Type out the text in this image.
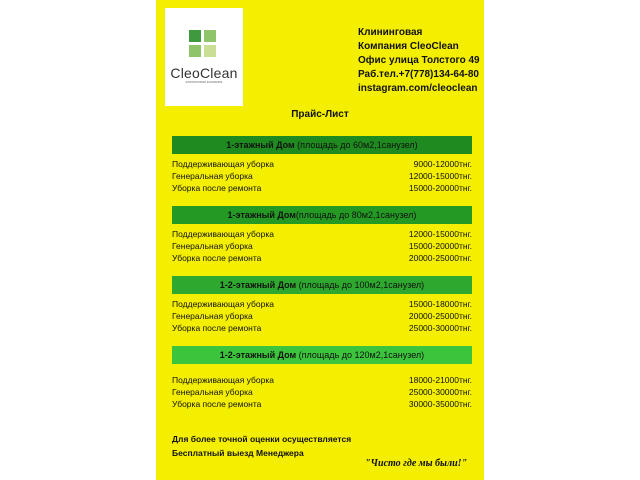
CleoClean
клининговая компания
Клининговая
Компания CleoClean
Офис улица Толстого 49
Раб.тел.+7(778)134-64-80
instagram.com/cleoclean
Прайс-Лист
1-этажный Дом (площадь до 60м2,1санузел)
Поддерживающая уборка	9000-12000тнг.
Генеральная уборка	12000-15000тнг.
Уборка после ремонта	15000-20000тнг.
1-этажный Дом(площадь до 80м2,1санузел)
Поддерживающая уборка	12000-15000тнг.
Генеральная уборка	15000-20000тнг.
Уборка после ремонта	20000-25000тнг.
1-2-этажный Дом (площадь до 100м2,1санузел)
Поддерживающая уборка	15000-18000тнг.
Генеральная уборка	20000-25000тнг.
Уборка после ремонта	25000-30000тнг.
1-2-этажный Дом (площадь до 120м2,1санузел)
Поддерживающая уборка	18000-21000тнг.
Генеральная уборка	25000-30000тнг.
Уборка после ремонта	30000-35000тнг.
Для более точной оценки осуществляется
Бесплатный выезд Менеджера
"Чисто где мы были!"
